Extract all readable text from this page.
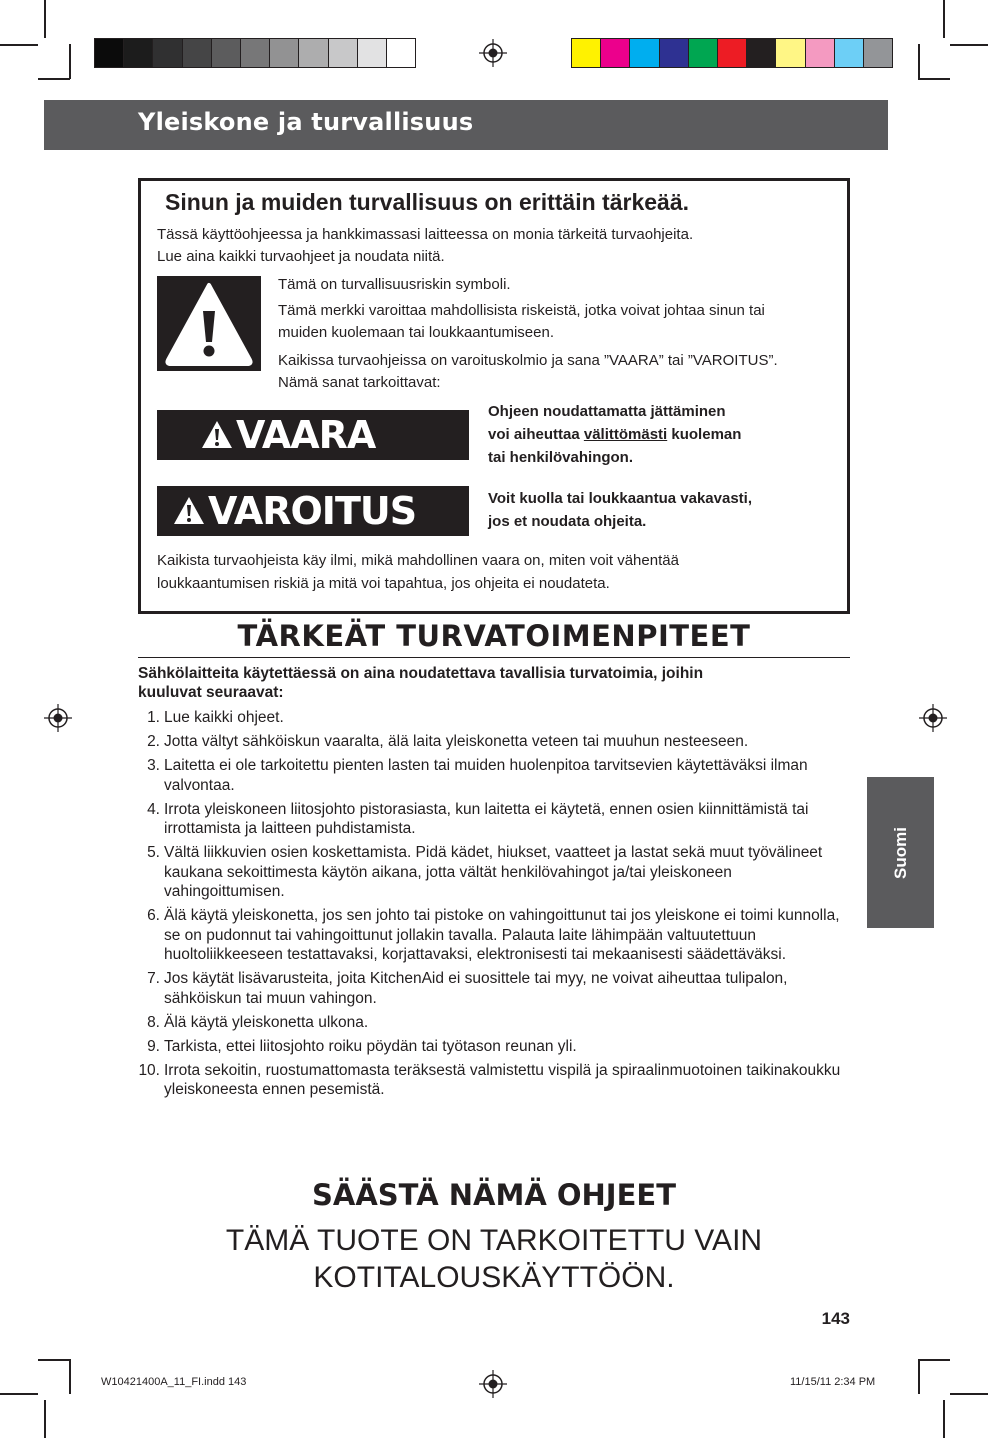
Yleiskone ja turvallisuus
Sinun ja muiden turvallisuus on erittäin tärkeää.
Tässä käyttöohjeessa ja hankkimassasi laitteessa on monia tärkeitä turvaohjeita.
Lue aina kaikki turvaohjeet ja noudata niitä.
Tämä on turvallisuusriskin symboli.
Tämä merkki varoittaa mahdollisista riskeistä, jotka voivat johtaa sinun tai
muiden kuolemaan tai loukkaantumiseen.
Kaikissa turvaohjeissa on varoituskolmio ja sana ”VAARA” tai ”VAROITUS”.
Nämä sanat tarkoittavat:
VAARA
Ohjeen noudattamatta jättäminen
voi aiheuttaa välittömästi kuoleman
tai henkilövahingon.
VAROITUS	Voit kuolla tai loukkaantua vakavasti,
jos et noudata ohjeita.
Kaikista turvaohjeista käy ilmi, mikä mahdollinen vaara on, miten voit vähentää
loukkaantumisen riskiä ja mitä voi tapahtua, jos ohjeita ei noudateta.
TÄRKEÄT TURVATOIMENPITEET
Sähkölaitteita käytettäessä on aina noudatettava tavallisia turvatoimia, joihin
kuuluvat seuraavat:
1. Lue kaikki ohjeet.
2. Jotta vältyt sähköiskun vaaralta, älä laita yleiskonetta veteen tai muuhun nesteeseen.
3. Laitetta ei ole tarkoitettu pienten lasten tai muiden huolenpitoa tarvitsevien käytettäväksi ilman valvontaa.
4. Irrota yleiskoneen liitosjohto pistorasiasta, kun laitetta ei käytetä, ennen osien kiinnittämistä tai irrottamista ja laitteen puhdistamista.
5. Vältä liikkuvien osien koskettamista. Pidä kädet, hiukset, vaatteet ja lastat sekä muut työvälineet kaukana sekoittimesta käytön aikana, jotta vältät henkilövahingot ja/tai yleiskoneen vahingoittumisen.
6. Älä käytä yleiskonetta, jos sen johto tai pistoke on vahingoittunut tai jos yleiskone ei toimi kunnolla, se on pudonnut tai vahingoittunut jollakin tavalla. Palauta laite lähimpään valtuutettuun huoltoliikkeeseen testattavaksi, korjattavaksi, elektronisesti tai mekaanisesti säädettäväksi.
7. Jos käytät lisävarusteita, joita KitchenAid ei suosittele tai myy, ne voivat aiheuttaa tulipalon, sähköiskun tai muun vahingon.
8. Älä käytä yleiskonetta ulkona.
9. Tarkista, ettei liitosjohto roiku pöydän tai työtason reunan yli.
10. Irrota sekoitin, ruostumattomasta teräksestä valmistettu vispilä ja spiraalinmuotoinen taikinakoukku yleiskoneesta ennen pesemistä.
SÄÄSTÄ NÄMÄ OHJEET
TÄMÄ TUOTE ON TARKOITETTU VAIN
KOTITALOUSKÄYTTÖÖN.
143
Suomi
W10421400A_11_FI.indd 143	11/15/11 2:34 PM
